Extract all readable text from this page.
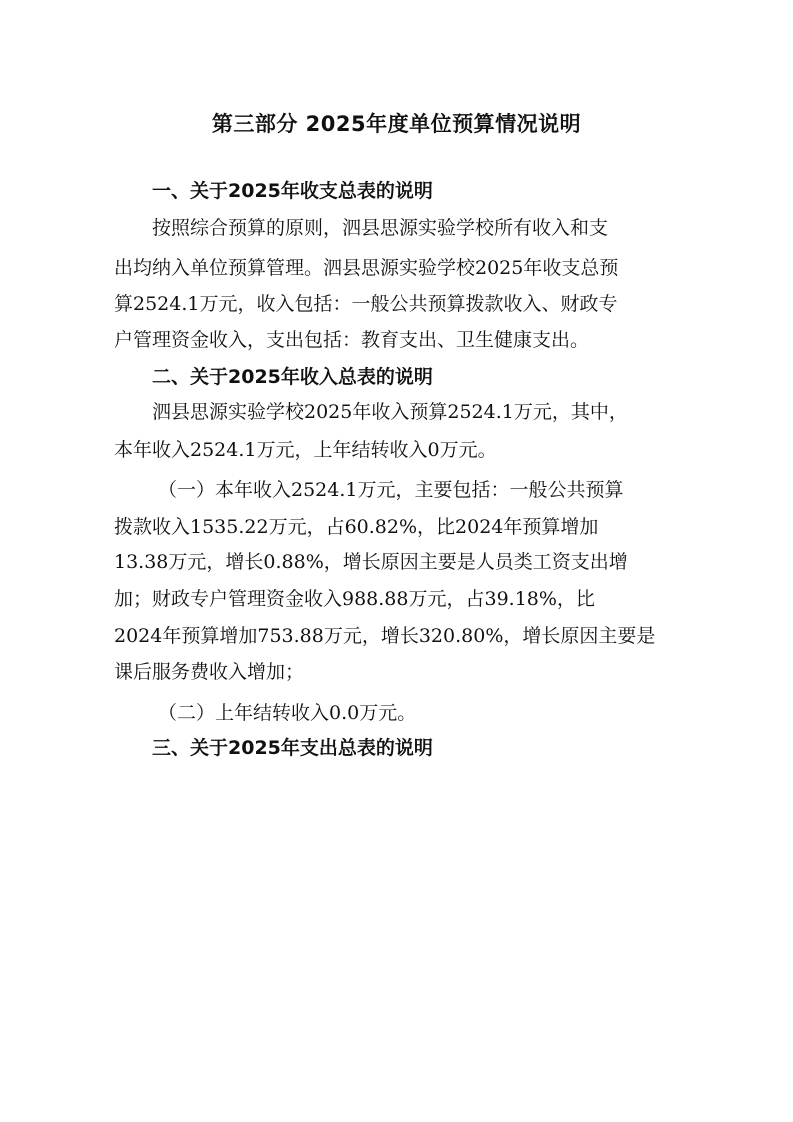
第三部分 2025年度单位预算情况说明
一、关于2025年收支总表的说明
按照综合预算的原则，泗县思源实验学校所有收入和支
出均纳入单位预算管理。泗县思源实验学校2025年收支总预
算2524.1万元，收入包括：一般公共预算拨款收入、财政专
户管理资金收入，支出包括：教育支出、卫生健康支出。
二、关于2025年收入总表的说明
泗县思源实验学校2025年收入预算2524.1万元，其中，
本年收入2524.1万元，上年结转收入0万元。
（一）本年收入2524.1万元，主要包括：一般公共预算
拨款收入1535.22万元，占60.82%，比2024年预算增加
13.38万元，增长0.88%，增长原因主要是人员类工资支出增
加；财政专户管理资金收入988.88万元，占39.18%，比
2024年预算增加753.88万元，增长320.80%，增长原因主要是
课后服务费收入增加；
（二）上年结转收入0.0万元。
三、关于2025年支出总表的说明
